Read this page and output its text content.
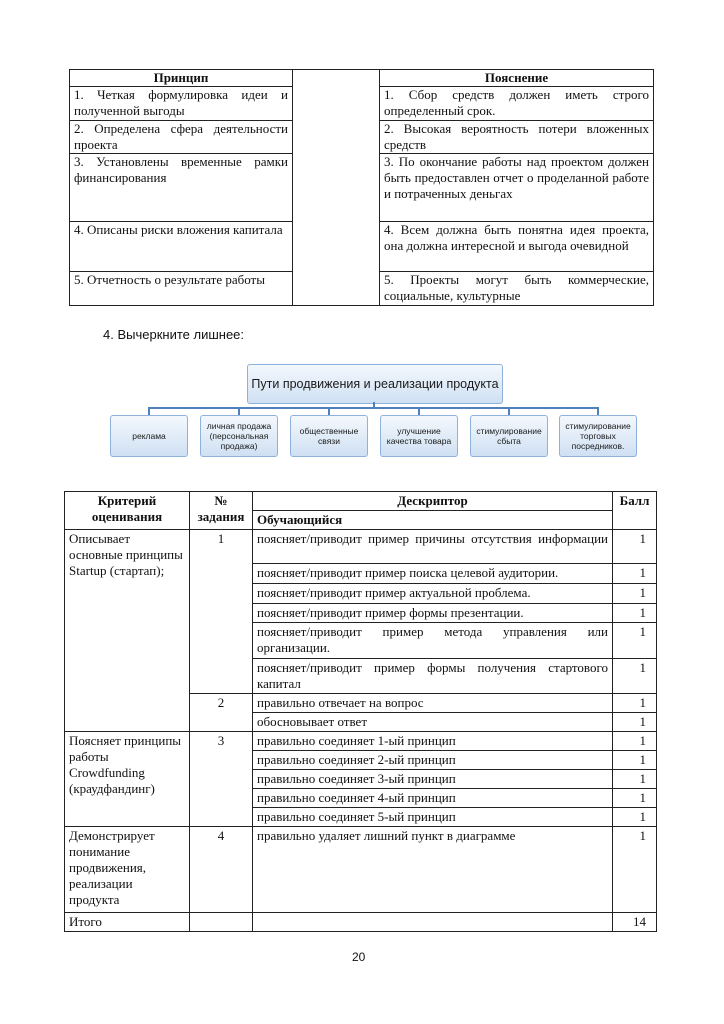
Принцип		Пояснение
1. Четкая формулировка идеи и полученной выгоды		1. Сбор средств должен иметь строго определенный срок.
2. Определена сфера деятельности проекта		2. Высокая вероятность потери вложенных средств
3. Установлены временные рамки финансирования		3. По окончание работы над проектом должен быть предоставлен отчет о проделанной работе и потраченных деньгах
4. Описаны риски вложения капитала		4. Всем должна быть понятна идея проекта, она должна интересной и выгода очевидной
5. Отчетность о результате работы		5. Проекты могут быть коммерческие, социальные, культурные
4. Вычеркните лишнее:
Пути продвижения и реализации продукта
реклама
личная продажа (персональная продажа)
общественные связи
улучшение качества товара
стимулирование сбыта
стимулирование торговых посредников.
Критерий оценивания	№ задания	Дескриптор	Балл
		Обучающийся	
Описывает основные принципы Startup (стартап);	1	поясняет/приводит пример причины отсутствия информации	1
		поясняет/приводит пример поиска целевой аудитории.	1
		поясняет/приводит пример актуальной проблема.	1
		поясняет/приводит пример формы презентации.	1

		поясняет/приводит пример метода управления или организации.	1

		поясняет/приводит пример формы получения стартового капитал	1
	2	правильно отвечает на вопрос	1
		обосновывает ответ	1
Поясняет принципы работы Crowdfunding (краудфандинг)	3	правильно соединяет 1-ый принцип	1
		правильно соединяет 2-ый принцип	1
		правильно соединяет 3-ый принцип	1
		правильно соединяет 4-ый принцип	1
		правильно соединяет 5-ый принцип	1
Демонстрирует понимание продвижения, реализации продукта	4	правильно удаляет лишний пункт в диаграмме	1
Итого			14
20
